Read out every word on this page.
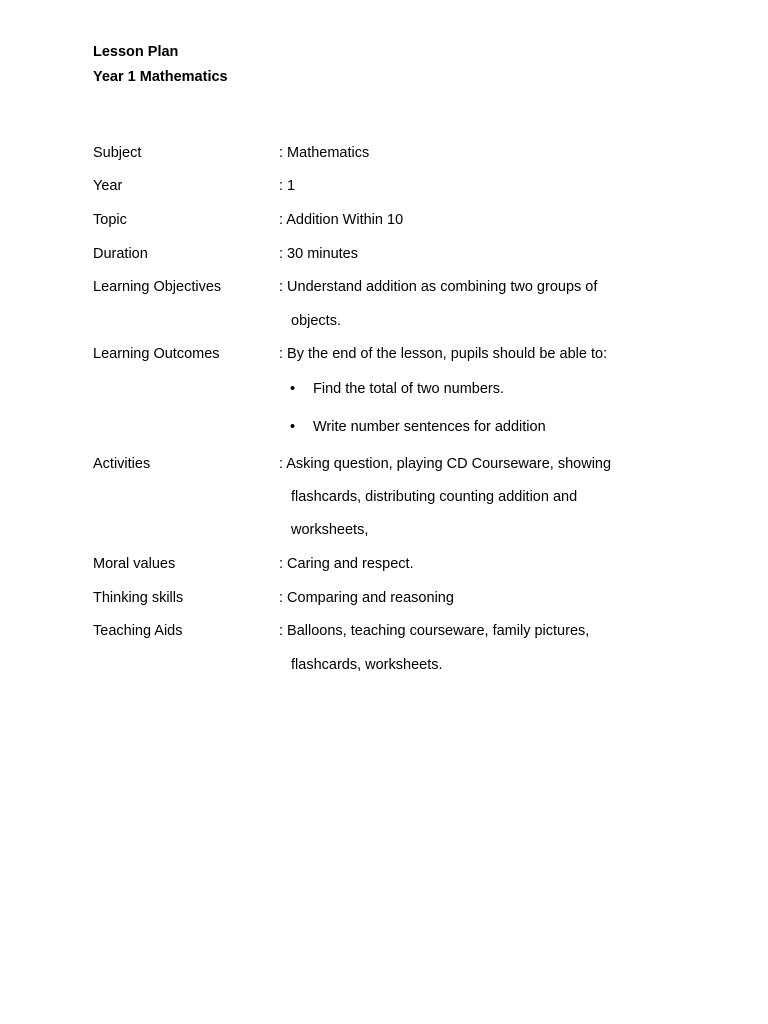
Lesson Plan
Year 1 Mathematics
Subject	: Mathematics
Year	: 1
Topic	: Addition Within 10
Duration	: 30 minutes
Learning Objectives	: Understand addition as combining two groups of
objects.
Learning Outcomes	: By the end of the lesson, pupils should be able to:
• Find the total of two numbers.
• Write number sentences for addition
Activities	: Asking question, playing CD Courseware, showing
flashcards, distributing counting addition and
worksheets,
Moral values	: Caring and respect.
Thinking skills	: Comparing and reasoning
Teaching Aids	: Balloons, teaching courseware, family pictures,
flashcards, worksheets.
